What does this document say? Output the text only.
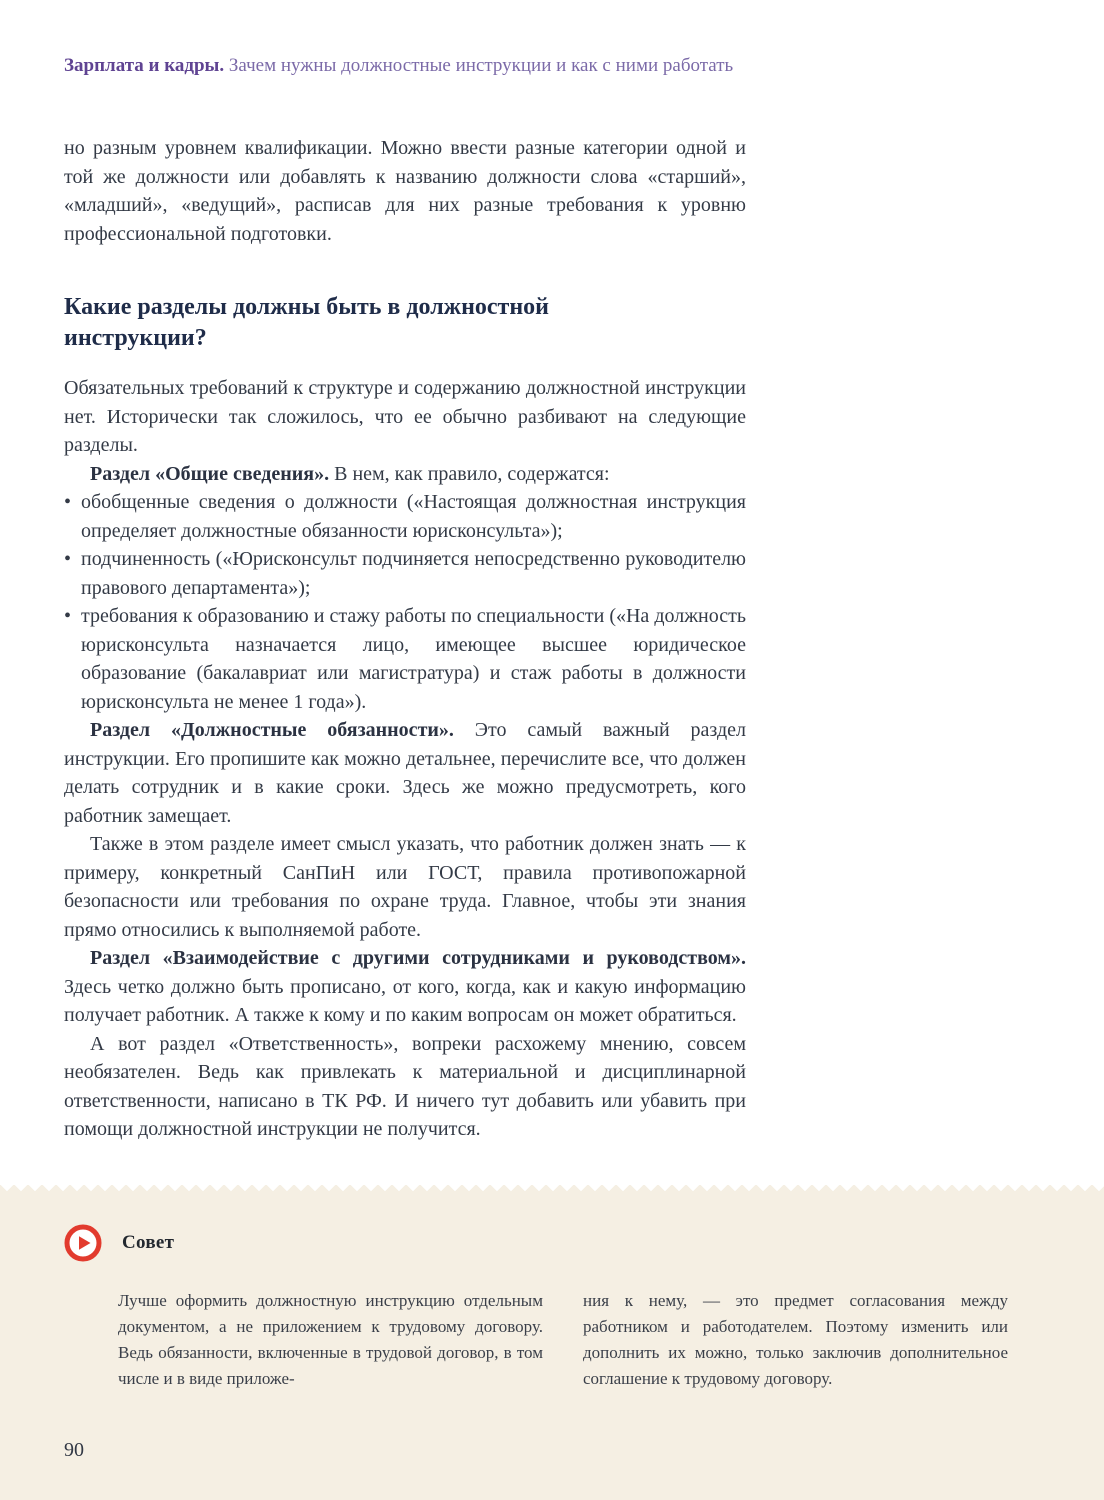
Зарплата и кадры. Зачем нужны должностные инструкции и как с ними работать

но разным уровнем квалификации. Можно ввести разные категории одной и той же должности или добавлять к названию должности слова «старший», «младший», «ведущий», расписав для них разные требования к уровню профессиональной подготовки.

Какие разделы должны быть в должностной инструкции?

Обязательных требований к структуре и содержанию должностной инструкции нет. Исторически так сложилось, что ее обычно разбивают на следующие разделы.

Раздел «Общие сведения». В нем, как правило, содержатся:

• обобщенные сведения о должности («Настоящая должностная инструкция определяет должностные обязанности юрисконсульта»);
• подчиненность («Юрисконсульт подчиняется непосредственно руководителю правового департамента»);
• требования к образованию и стажу работы по специальности («На должность юрисконсульта назначается лицо, имеющее высшее юридическое образование (бакалавриат или магистратура) и стаж работы в должности юрисконсульта не менее 1 года»).

Раздел «Должностные обязанности». Это самый важный раздел инструкции. Его пропишите как можно детальнее, перечислите все, что должен делать сотрудник и в какие сроки. Здесь же можно предусмотреть, кого работник замещает.

Также в этом разделе имеет смысл указать, что работник должен знать — к примеру, конкретный СанПиН или ГОСТ, правила противопожарной безопасности или требования по охране труда. Главное, чтобы эти знания прямо относились к выполняемой работе.

Раздел «Взаимодействие с другими сотрудниками и руководством». Здесь четко должно быть прописано, от кого, когда, как и какую информацию получает работник. А также к кому и по каким вопросам он может обратиться.

А вот раздел «Ответственность», вопреки расхожему мнению, совсем необязателен. Ведь как привлекать к материальной и дисциплинарной ответственности, написано в ТК РФ. И ничего тут добавить или убавить при помощи должностной инструкции не получится.

Совет
Лучше оформить должностную инструкцию отдельным документом, а не приложением к трудовому договору. Ведь обязанности, включенные в трудовой договор, в том числе и в виде приложе-
ния к нему, — это предмет согласования между работником и работодателем. Поэтому изменить или дополнить их можно, только заключив дополнительное соглашение к трудовому договору.
90
